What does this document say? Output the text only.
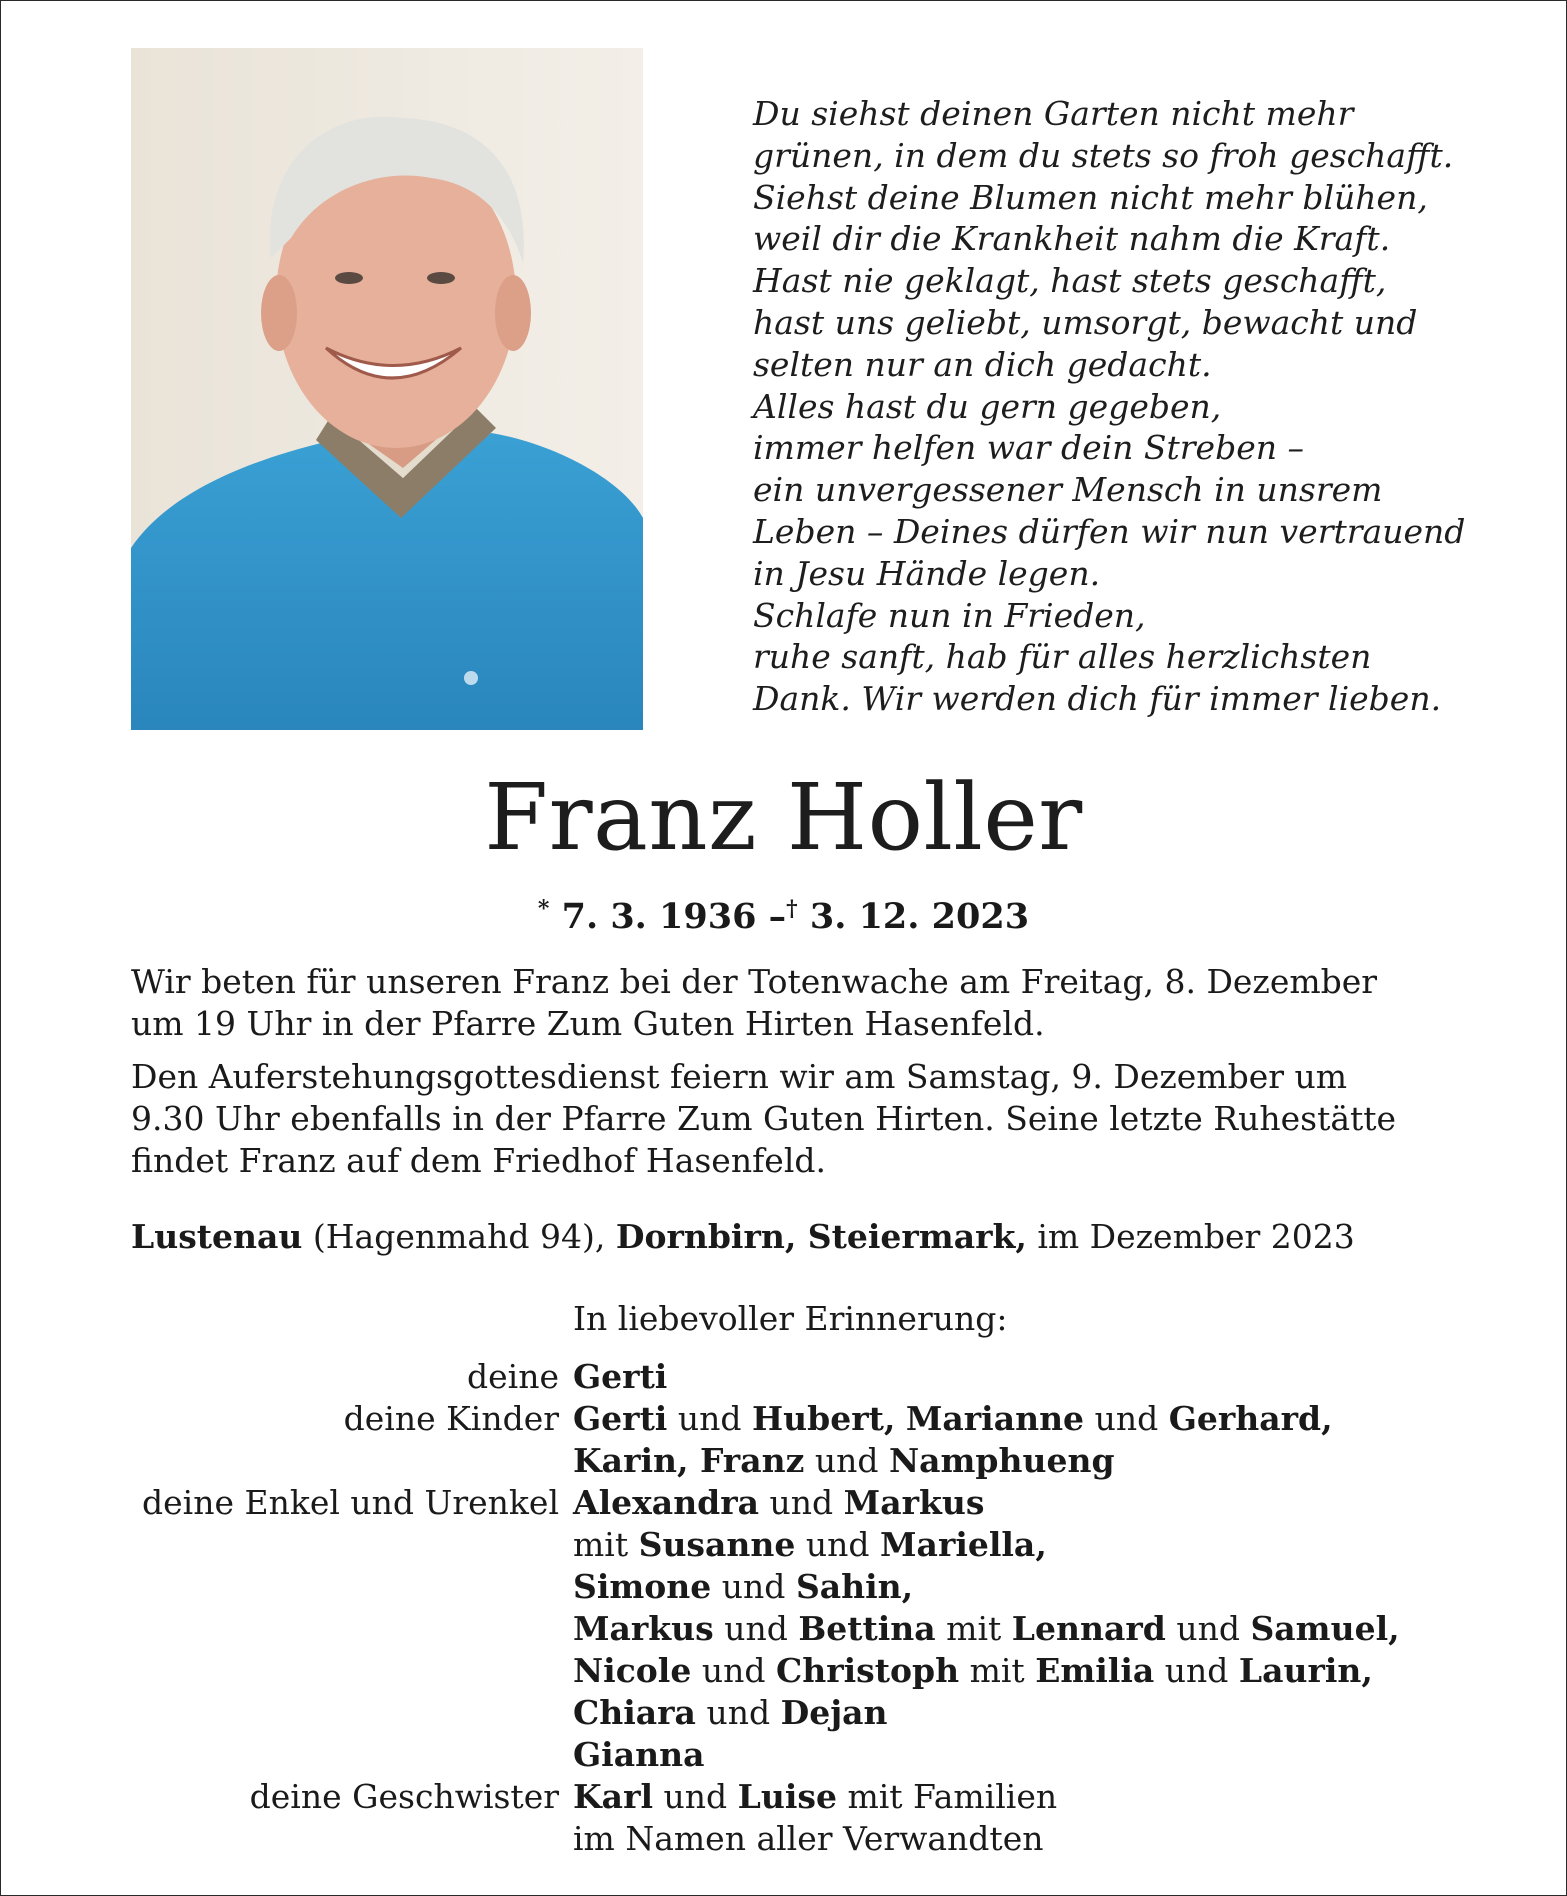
Du siehst deinen Garten nicht mehr
grünen, in dem du stets so froh geschafft.
Siehst deine Blumen nicht mehr blühen,
weil dir die Krankheit nahm die Kraft.
Hast nie geklagt, hast stets geschafft,
hast uns geliebt, umsorgt, bewacht und
selten nur an dich gedacht.
Alles hast du gern gegeben,
immer helfen war dein Streben –
ein unvergessener Mensch in unsrem
Leben – Deines dürfen wir nun vertrauend
in Jesu Hände legen.
Schlafe nun in Frieden,
ruhe sanft, hab für alles herzlichsten
Dank. Wir werden dich für immer lieben.
Franz Holler
* 7. 3. 1936 –† 3. 12. 2023
Wir beten für unseren Franz bei der Totenwache am Freitag, 8. Dezember
um 19 Uhr in der Pfarre Zum Guten Hirten Hasenfeld.
Den Auferstehungsgottesdienst feiern wir am Samstag, 9. Dezember um
9.30 Uhr ebenfalls in der Pfarre Zum Guten Hirten. Seine letzte Ruhestätte
findet Franz auf dem Friedhof Hasenfeld.
Lustenau (Hagenmahd 94), Dornbirn, Steiermark, im Dezember 2023
In liebevoller Erinnerung:
deine Gerti
deine Kinder Gerti und Hubert, Marianne und Gerhard,
Karin, Franz und Namphueng
deine Enkel und Urenkel Alexandra und Markus
mit Susanne und Mariella,
Simone und Sahin,
Markus und Bettina mit Lennard und Samuel,
Nicole und Christoph mit Emilia und Laurin,
Chiara und Dejan
Gianna
deine Geschwister Karl und Luise mit Familien
im Namen aller Verwandten
